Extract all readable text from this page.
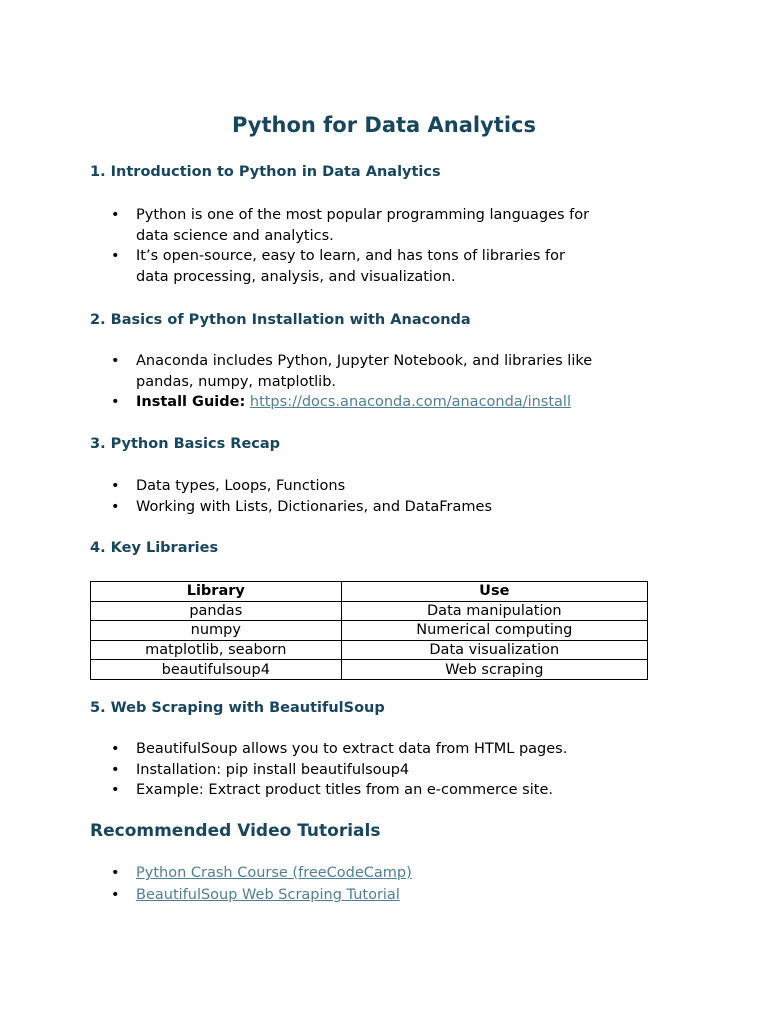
Python for Data Analytics
1. Introduction to Python in Data Analytics
• Python is one of the most popular programming languages for data science and analytics.
• It’s open-source, easy to learn, and has tons of libraries for data processing, analysis, and visualization.
2. Basics of Python Installation with Anaconda
• Anaconda includes Python, Jupyter Notebook, and libraries like pandas, numpy, matplotlib.
• Install Guide: https://docs.anaconda.com/anaconda/install
3. Python Basics Recap
• Data types, Loops, Functions
• Working with Lists, Dictionaries, and DataFrames
4. Key Libraries
Library	Use
pandas	Data manipulation
numpy	Numerical computing
matplotlib, seaborn	Data visualization
beautifulsoup4	Web scraping
5. Web Scraping with BeautifulSoup
• BeautifulSoup allows you to extract data from HTML pages.
• Installation: pip install beautifulsoup4
• Example: Extract product titles from an e-commerce site.
Recommended Video Tutorials
• Python Crash Course (freeCodeCamp)
• BeautifulSoup Web Scraping Tutorial
